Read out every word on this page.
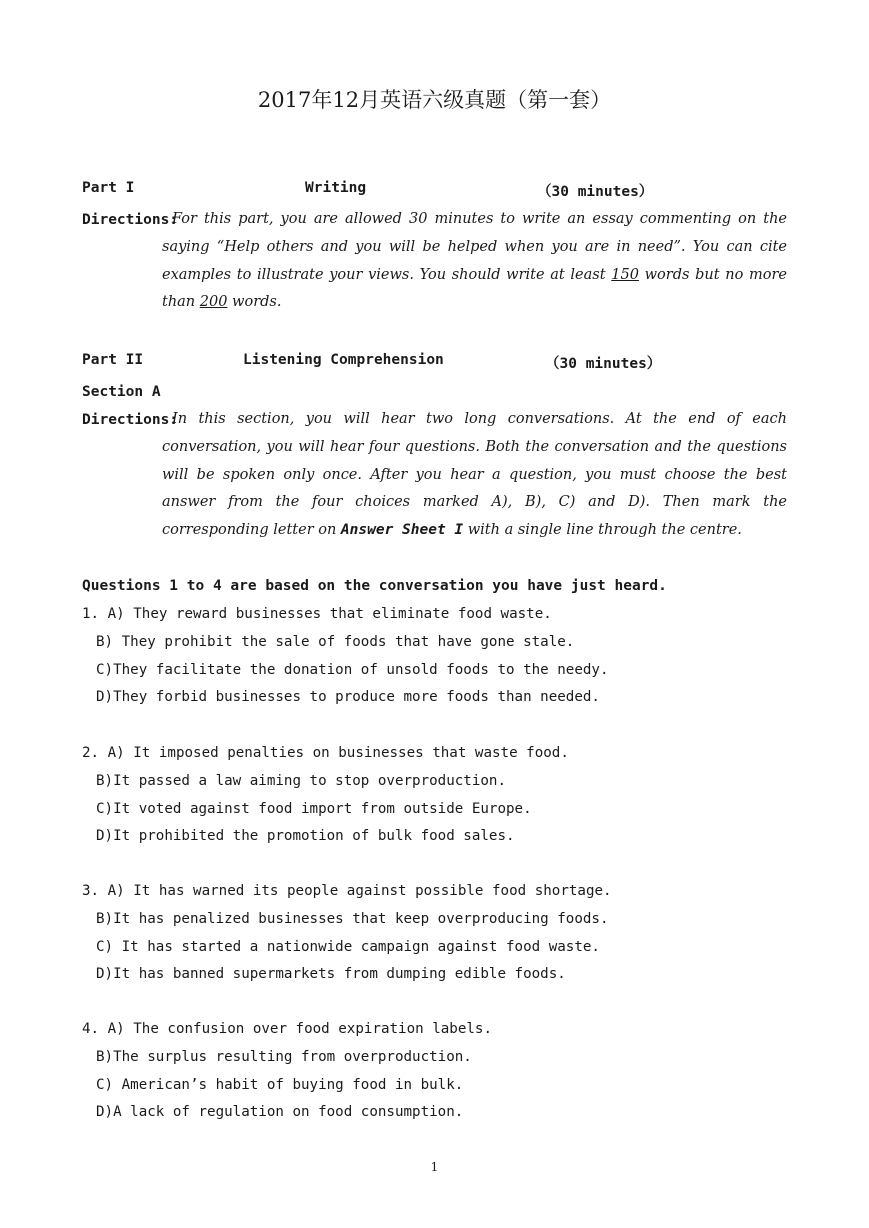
2017年12月英语六级真题（第一套）
Part I	Writing	（30 minutes）
Directions:
For this part, you are allowed 30 minutes to write an essay commenting on the saying “Help others and you will be helped when you are in need”. You can cite examples to illustrate your views. You should write at least 150 words but no more than 200 words.
Part II	Listening Comprehension	（30 minutes）
Section A
Directions:
In this section, you will hear two long conversations. At the end of each conversation, you will hear four questions. Both the conversation and the questions will be spoken only once. After you hear a question, you must choose the best answer from the four choices marked A), B), C) and D). Then mark the corresponding letter on Answer Sheet I with a single line through the centre.
Questions 1 to 4 are based on the conversation you have just heard.
1. A) They reward businesses that eliminate food waste.
B) They prohibit the sale of foods that have gone stale.
C)They facilitate the donation of unsold foods to the needy.
D)They forbid businesses to produce more foods than needed.
2. A) It imposed penalties on businesses that waste food.
B)It passed a law aiming to stop overproduction.
C)It voted against food import from outside Europe.
D)It prohibited the promotion of bulk food sales.
3. A) It has warned its people against possible food shortage.
B)It has penalized businesses that keep overproducing foods.
C) It has started a nationwide campaign against food waste.
D)It has banned supermarkets from dumping edible foods.
4. A) The confusion over food expiration labels.
B)The surplus resulting from overproduction.
C) American’s habit of buying food in bulk.
D)A lack of regulation on food consumption.
1
